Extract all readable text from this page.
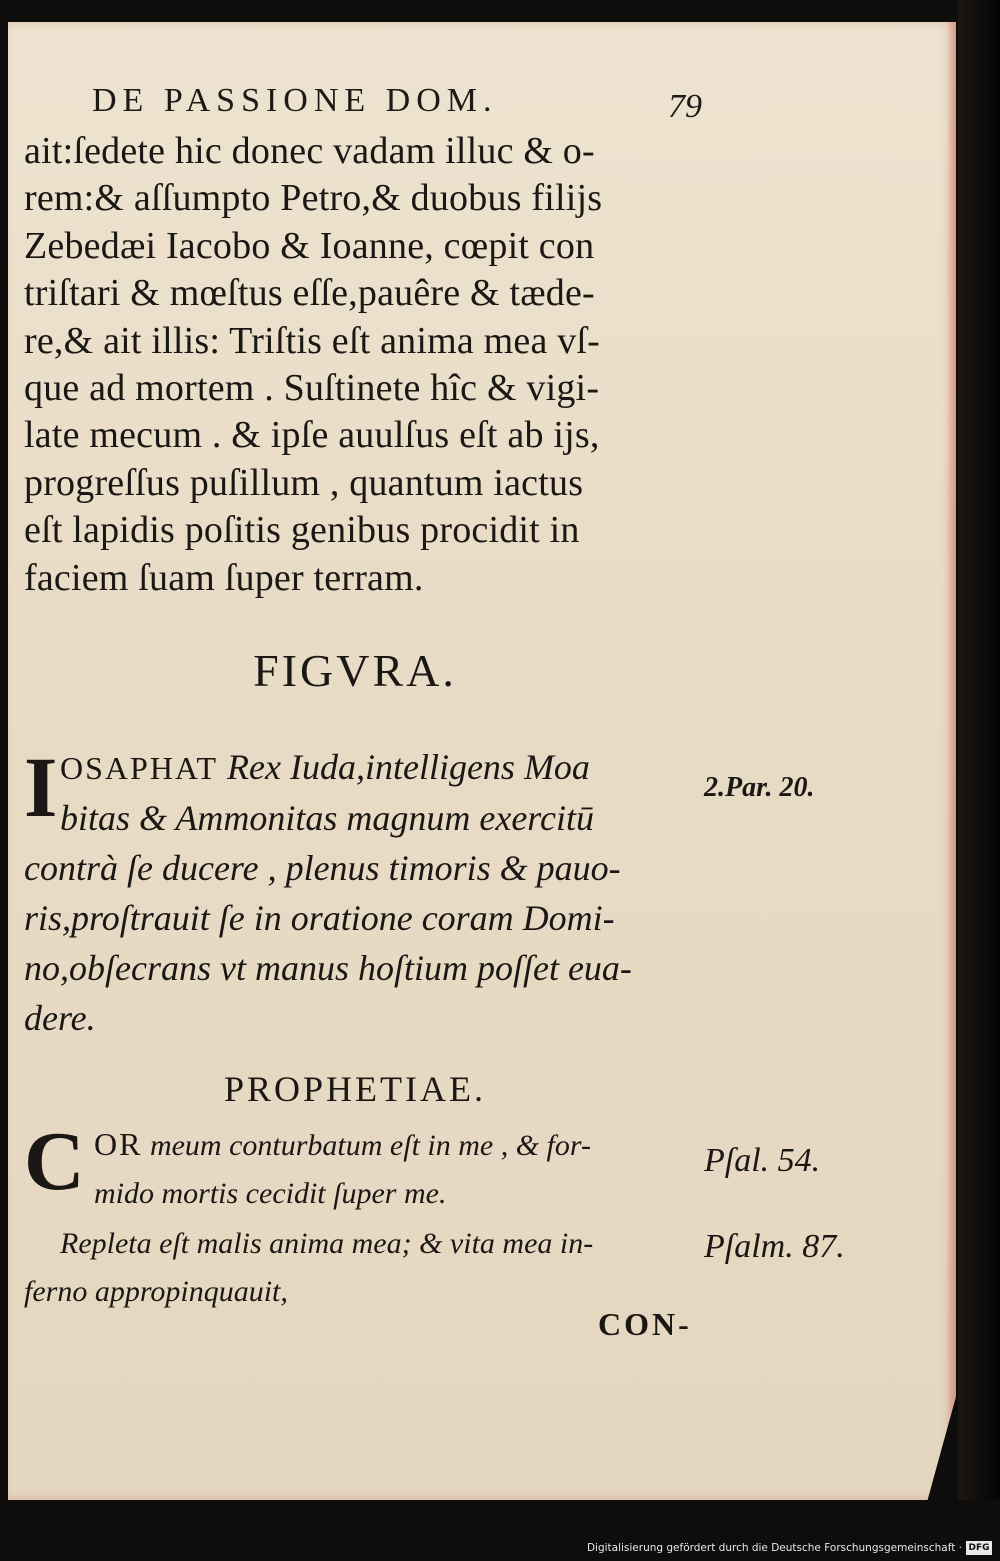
DE PASSIONE DOM.	79
ait:ſedete hic donec vadam illuc & o-
rem:& aſſumpto Petro,& duobus filijs
Zebedæi Iacobo & Ioanne, cœpit con
triſtari & mœſtus eſſe,pauêre & tæde-
re,& ait illis: Triſtis eſt anima mea vſ-
que ad mortem . Suſtinete hîc & vigi-
late mecum . & ipſe auulſus eſt ab ijs,
progreſſus puſillum , quantum iactus
eſt lapidis poſitis genibus procidit in
faciem ſuam ſuper terram.
FIGVRA.
I OSAPHAT Rex Iuda,intelligens Moa
bitas & Ammonitas magnum exercitū
contrà ſe ducere , plenus timoris & pauo-
ris,proſtrauit ſe in oratione coram Domi-
no,obſecrans vt manus hoſtium poſſet eua-
dere.
2.Par. 20.
PROPHETIAE.
C OR meum conturbatum eſt in me , & for-
mido mortis cecidit ſuper me.
Repleta eſt malis anima mea; & vita mea in-
ferno appropinquauit,
Pſal. 54.
Pſalm. 87.
CON-
Digitalisierung gefördert durch die Deutsche Forschungsgemeinschaft · DFG
